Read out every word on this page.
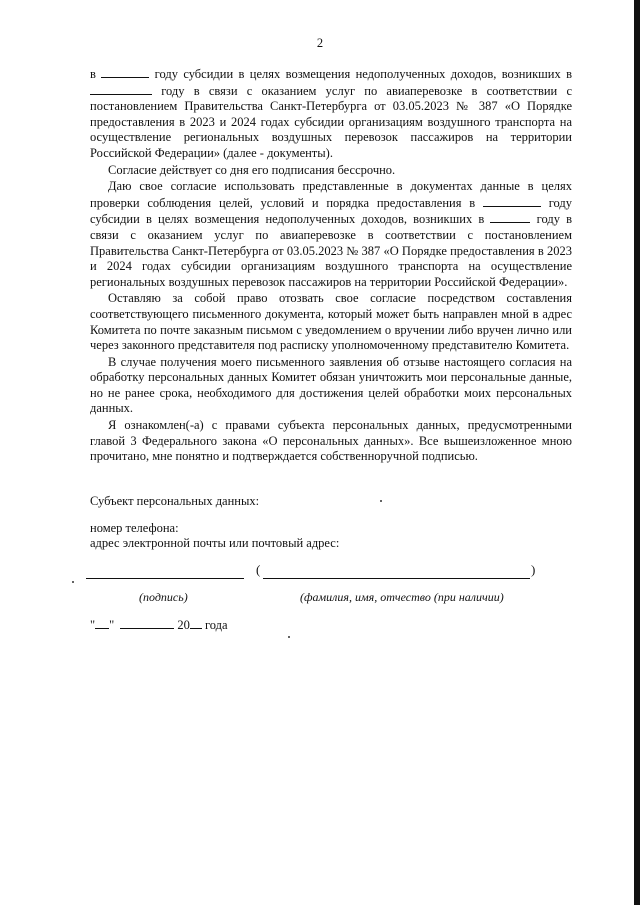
2

в	году субсидии в целях возмещения недополученных доходов, возникших в  году в связи с оказанием услуг по авиаперевозке в соответствии с постановлением Правительства Санкт-Петербурга от 03.05.2023 № 387 «О Порядке предоставления в 2023 и 2024 годах субсидии организациям воздушного транспорта на осуществление региональных воздушных перевозок пассажиров на территории Российской Федерации» (далее - документы).

Согласие действует со дня его подписания бессрочно.

Даю свое согласие использовать представленные в документах данные в целях проверки соблюдения целей, условий и порядка предоставления в	году субсидии в целях возмещения недополученных доходов, возникших в	году в связи с оказанием услуг по авиаперевозке в соответствии с постановлением Правительства Санкт-Петербурга от 03.05.2023 № 387 «О Порядке предоставления в 2023 и 2024 годах субсидии организациям воздушного транспорта на осуществление региональных воздушных перевозок пассажиров на территории Российской Федерации».

Оставляю за собой право отозвать свое согласие посредством составления соответствующего письменного документа, который может быть направлен мной в адрес Комитета по почте заказным письмом с уведомлением о вручении либо вручен лично или через законного представителя под расписку уполномоченному представителю Комитета.

В случае получения моего письменного заявления об отзыве настоящего согласия на обработку персональных данных Комитет обязан уничтожить мои персональные данные, но не ранее срока, необходимого для достижения целей обработки моих персональных данных.

Я ознакомлен(-а) с правами субъекта персональных данных, предусмотренными главой 3 Федерального закона «О персональных данных». Все вышеизложенное мною прочитано, мне понятно и подтверждается собственноручной подписью.

Субъект персональных данных:
номер телефона:
адрес электронной почты или почтовый адрес:
(	)
(подпись)	(фамилия, имя, отчество (при наличии)
" "	20 года
